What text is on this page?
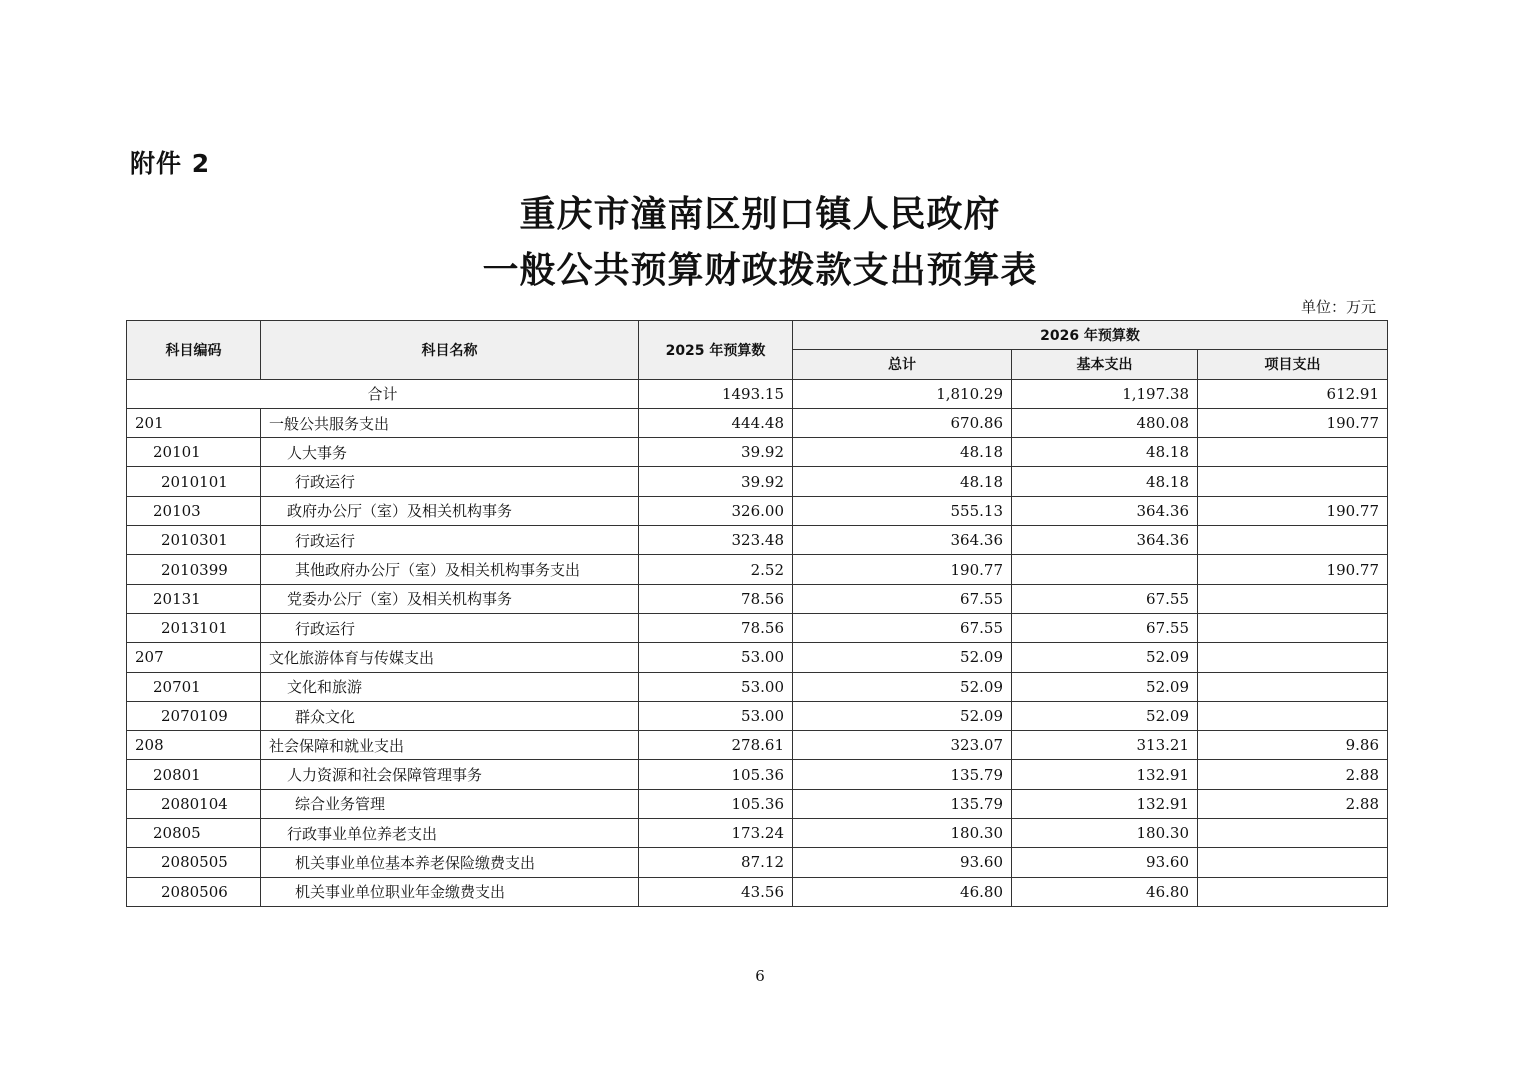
附件 2
重庆市潼南区别口镇人民政府
一般公共预算财政拨款支出预算表
单位：万元
科目编码	科目名称	2025 年预算数	2026 年预算数		
			总计	基本支出	项目支出
合计		1493.15	1,810.29	1,197.38	612.91
201	一般公共服务支出	444.48	670.86	480.08	190.77
20101	人大事务	39.92	48.18	48.18	
2010101	行政运行	39.92	48.18	48.18	
20103	政府办公厅（室）及相关机构事务	326.00	555.13	364.36	190.77
2010301	行政运行	323.48	364.36	364.36	
2010399	其他政府办公厅（室）及相关机构事务支出	2.52	190.77		190.77
20131	党委办公厅（室）及相关机构事务	78.56	67.55	67.55	
2013101	行政运行	78.56	67.55	67.55	
207	文化旅游体育与传媒支出	53.00	52.09	52.09	
20701	文化和旅游	53.00	52.09	52.09	
2070109	群众文化	53.00	52.09	52.09	
208	社会保障和就业支出	278.61	323.07	313.21	9.86
20801	人力资源和社会保障管理事务	105.36	135.79	132.91	2.88
2080104	综合业务管理	105.36	135.79	132.91	2.88
20805	行政事业单位养老支出	173.24	180.30	180.30	
2080505	机关事业单位基本养老保险缴费支出	87.12	93.60	93.60	
2080506	机关事业单位职业年金缴费支出	43.56	46.80	46.80	
6
